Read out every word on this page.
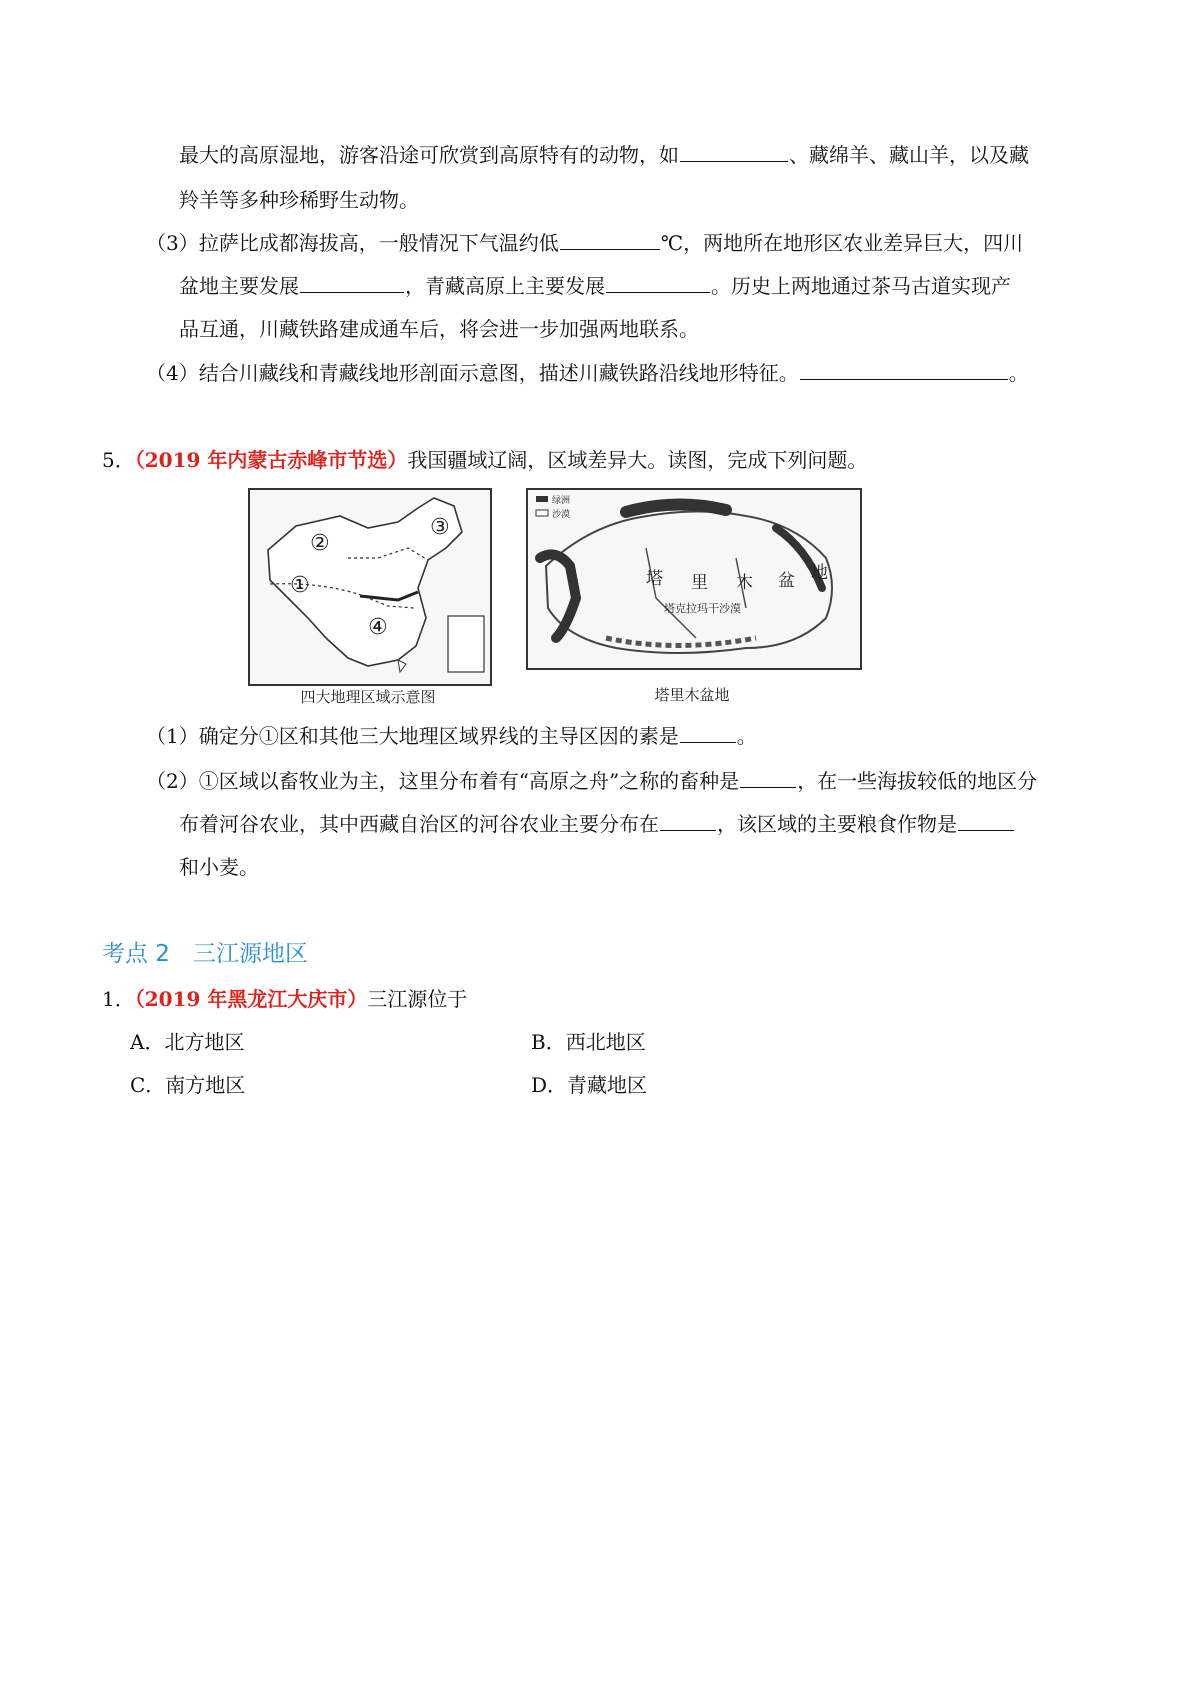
最大的高原湿地，游客沿途可欣赏到高原特有的动物，如	、藏绵羊、藏山羊，以及藏
羚羊等多种珍稀野生动物。
（3）拉萨比成都海拔高，一般情况下气温约低	℃，两地所在地形区农业差异巨大，四川
盆地主要发展	，青藏高原上主要发展	。历史上两地通过茶马古道实现产
品互通，川藏铁路建成通车后，将会进一步加强两地联系。
（4）结合川藏线和青藏线地形剖面示意图，描述川藏铁路沿线地形特征。	。
5．（2019 年内蒙古赤峰市节选）我国疆域辽阔，区域差异大。读图，完成下列问题。
②
③
①
④
四大地理区域示意图
绿洲
沙漠
塔 里 木 盆 地
塔克拉玛干沙漠
塔里木盆地
（1）确定分①区和其他三大地理区域界线的主导区因的素是	。
（2）①区域以畜牧业为主，这里分布着有“高原之舟”之称的畜种是	，在一些海拔较低的地区分
布着河谷农业，其中西藏自治区的河谷农业主要分布在	，该区域的主要粮食作物是
和小麦。
考点 2　三江源地区
1．（2019 年黑龙江大庆市）三江源位于
A．北方地区	B．西北地区
C．南方地区	D．青藏地区
